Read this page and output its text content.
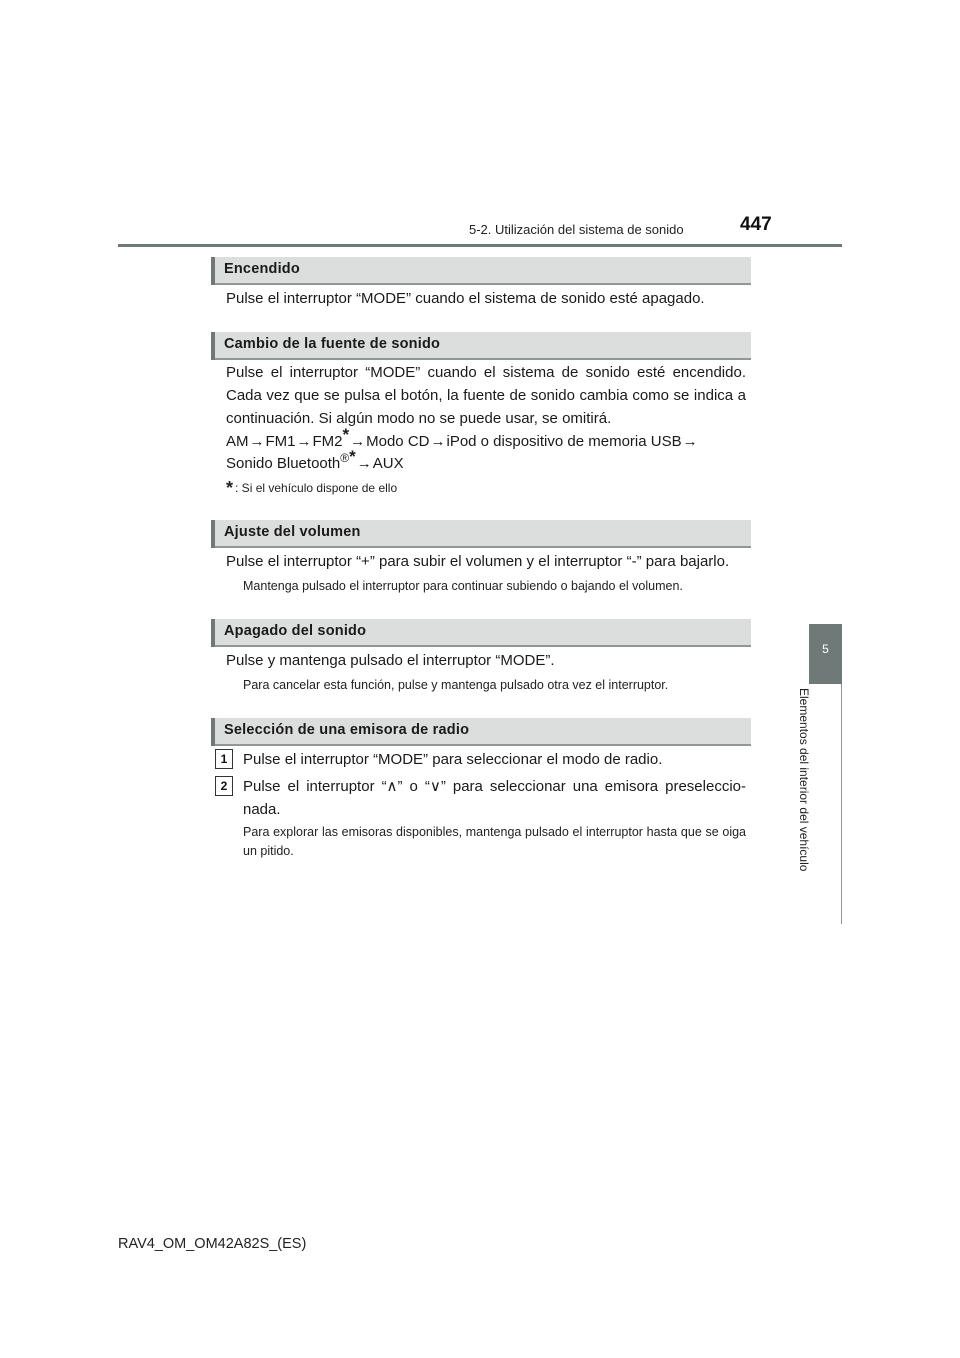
5-2. Utilización del sistema de sonido	447
5
Elementos del interior del vehículo
Encendido
Pulse el interruptor “MODE” cuando el sistema de sonido esté apagado.
Cambio de la fuente de sonido
Pulse el interruptor “MODE” cuando el sistema de sonido esté encendido. Cada vez que se pulsa el botón, la fuente de sonido cambia como se indica a continuación. Si algún modo no se puede usar, se omitirá.
AM→FM1→FM2*→Modo CD→iPod o dispositivo de memoria USB→
Sonido Bluetooth®*→AUX
* : Si el vehículo dispone de ello
Ajuste del volumen
Pulse el interruptor “+” para subir el volumen y el interruptor “-” para bajarlo.
Mantenga pulsado el interruptor para continuar subiendo o bajando el volumen.
Apagado del sonido
Pulse y mantenga pulsado el interruptor “MODE”.
Para cancelar esta función, pulse y mantenga pulsado otra vez el interruptor.
Selección de una emisora de radio
1	Pulse el interruptor “MODE” para seleccionar el modo de radio.
2	Pulse el interruptor “∧” o “∨” para seleccionar una emisora preseleccio-nada.
Para explorar las emisoras disponibles, mantenga pulsado el interruptor hasta que se oiga un pitido.
RAV4_OM_OM42A82S_(ES)
